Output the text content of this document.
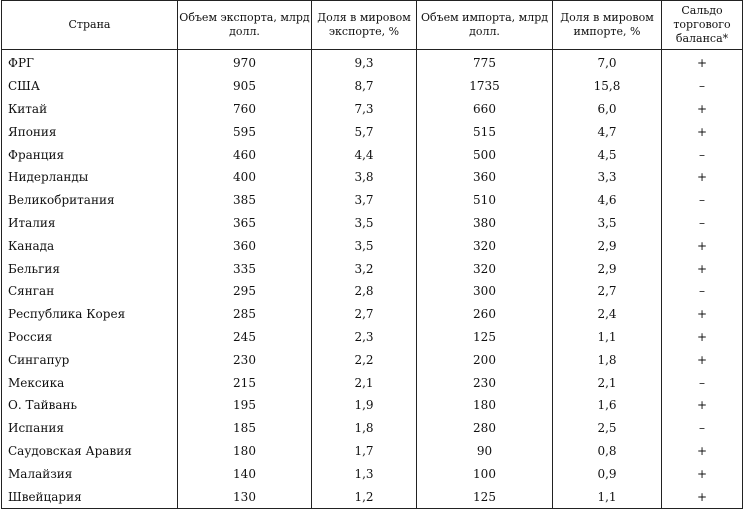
Страна	Объем экспорта, млрд долл.	Доля в мировом экспорте, %	Объем импорта, млрд долл.	Доля в мировом импорте, %	Сальдо торгового баланса*
ФРГ	970	9,3	775	7,0	+
США	905	8,7	1735	15,8	–
Китай	760	7,3	660	6,0	+
Япония	595	5,7	515	4,7	+
Франция	460	4,4	500	4,5	–
Нидерланды	400	3,8	360	3,3	+
Великобритания	385	3,7	510	4,6	–
Италия	365	3,5	380	3,5	–
Канада	360	3,5	320	2,9	+
Бельгия	335	3,2	320	2,9	+
Сянган	295	2,8	300	2,7	–
Республика Корея	285	2,7	260	2,4	+
Россия	245	2,3	125	1,1	+
Сингапур	230	2,2	200	1,8	+
Мексика	215	2,1	230	2,1	–
О. Тайвань	195	1,9	180	1,6	+
Испания	185	1,8	280	2,5	–
Саудовская Аравия	180	1,7	90	0,8	+
Малайзия	140	1,3	100	0,9	+
Швейцария	130	1,2	125	1,1	+
